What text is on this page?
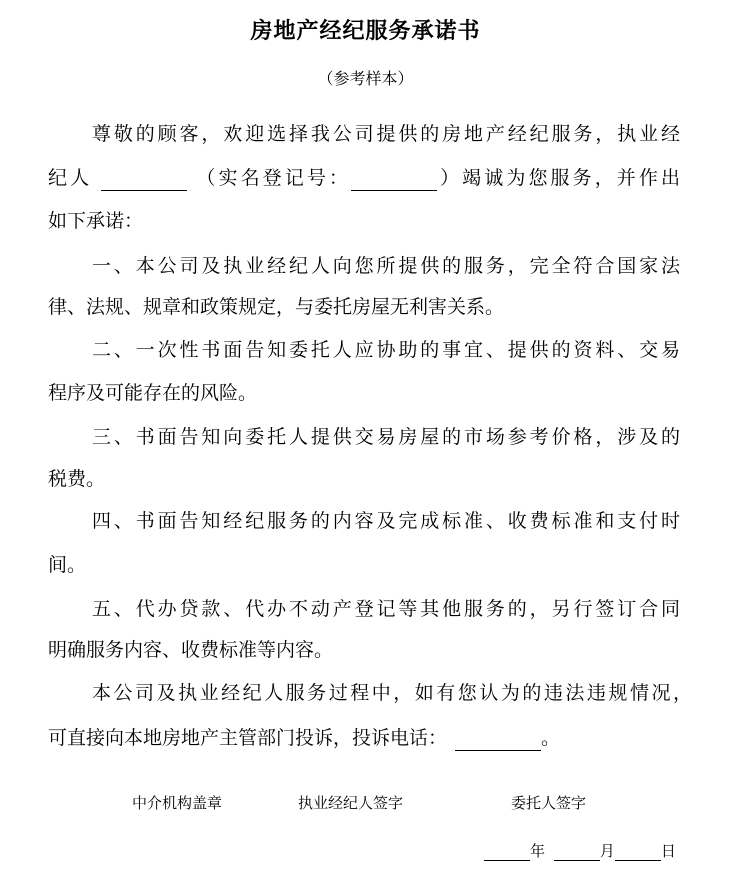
房地产经纪服务承诺书
（参考样本）
尊敬的顾客，欢迎选择我公司提供的房地产经纪服务，执业经
纪人	（实名登记号：	）竭诚为您服务，并作出
如下承诺：
一、本公司及执业经纪人向您所提供的服务，完全符合国家法
律、法规、规章和政策规定，与委托房屋无利害关系。
二、一次性书面告知委托人应协助的事宜、提供的资料、交易
程序及可能存在的风险。
三、书面告知向委托人提供交易房屋的市场参考价格，涉及的
税费。
四、书面告知经纪服务的内容及完成标准、收费标准和支付时
间。
五、代办贷款、代办不动产登记等其他服务的，另行签订合同
明确服务内容、收费标准等内容。
本公司及执业经纪人服务过程中，如有您认为的违法违规情况，
可直接向本地房地产主管部门投诉，投诉电话：	。
中介机构盖章	执业经纪人签字	委托人签字
年	月	日
